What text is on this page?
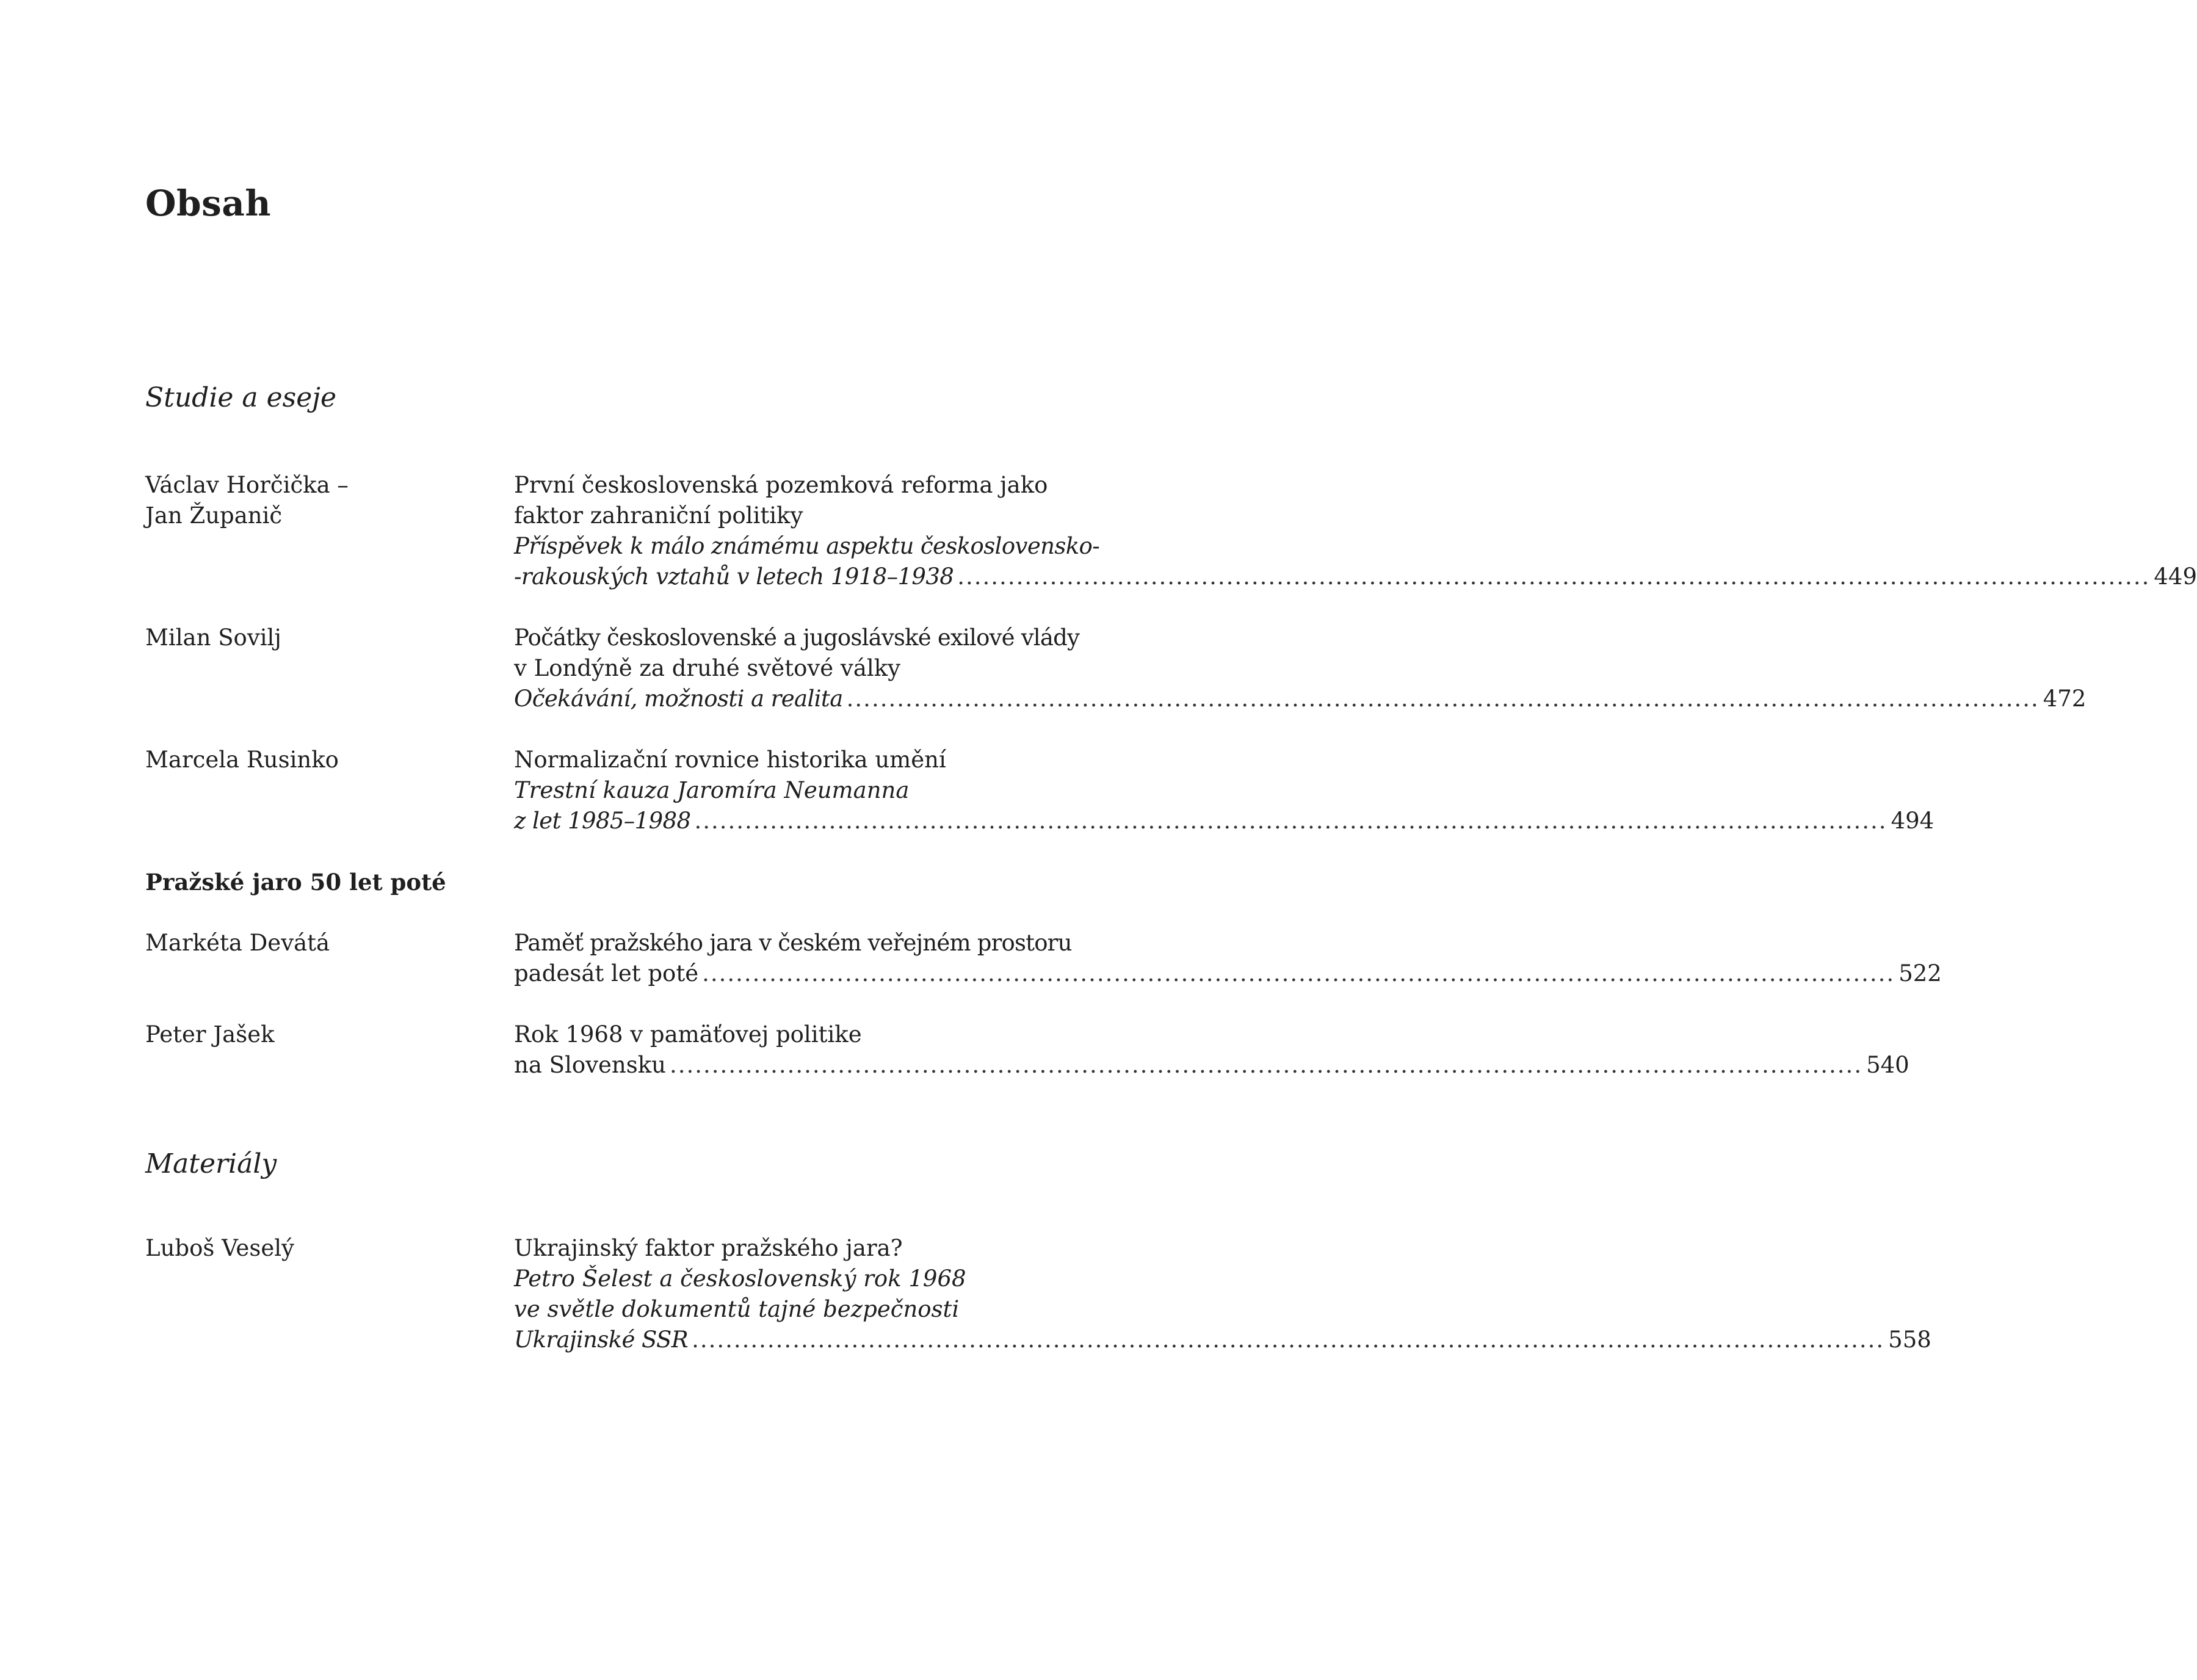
Obsah
Studie a eseje
Václav Horčička –
Jan Županič
První československá pozemková reforma jako
faktor zahraniční politiky
Příspěvek k málo známému aspektu československo-
-rakouských vztahů v letech 1918–1938 .....	449
Milan Sovilj	Počátky československé a jugoslávské exilové vlády
v Londýně za druhé světové války
Očekávání, možnosti a realita .....	472
Marcela Rusinko	Normalizační rovnice historika umění
Trestní kauza Jaromíra Neumanna
z let 1985–1988 .....	494
Pražské jaro 50 let poté
Markéta Devátá	Paměť pražského jara v českém veřejném prostoru
padesát let poté .....	522
Peter Jašek	Rok 1968 v pamäťovej politike
na Slovensku .....	540
Materiály
Luboš Veselý	Ukrajinský faktor pražského jara?
Petro Šelest a československý rok 1968
ve světle dokumentů tajné bezpečnosti
Ukrajinské SSR .....	558
